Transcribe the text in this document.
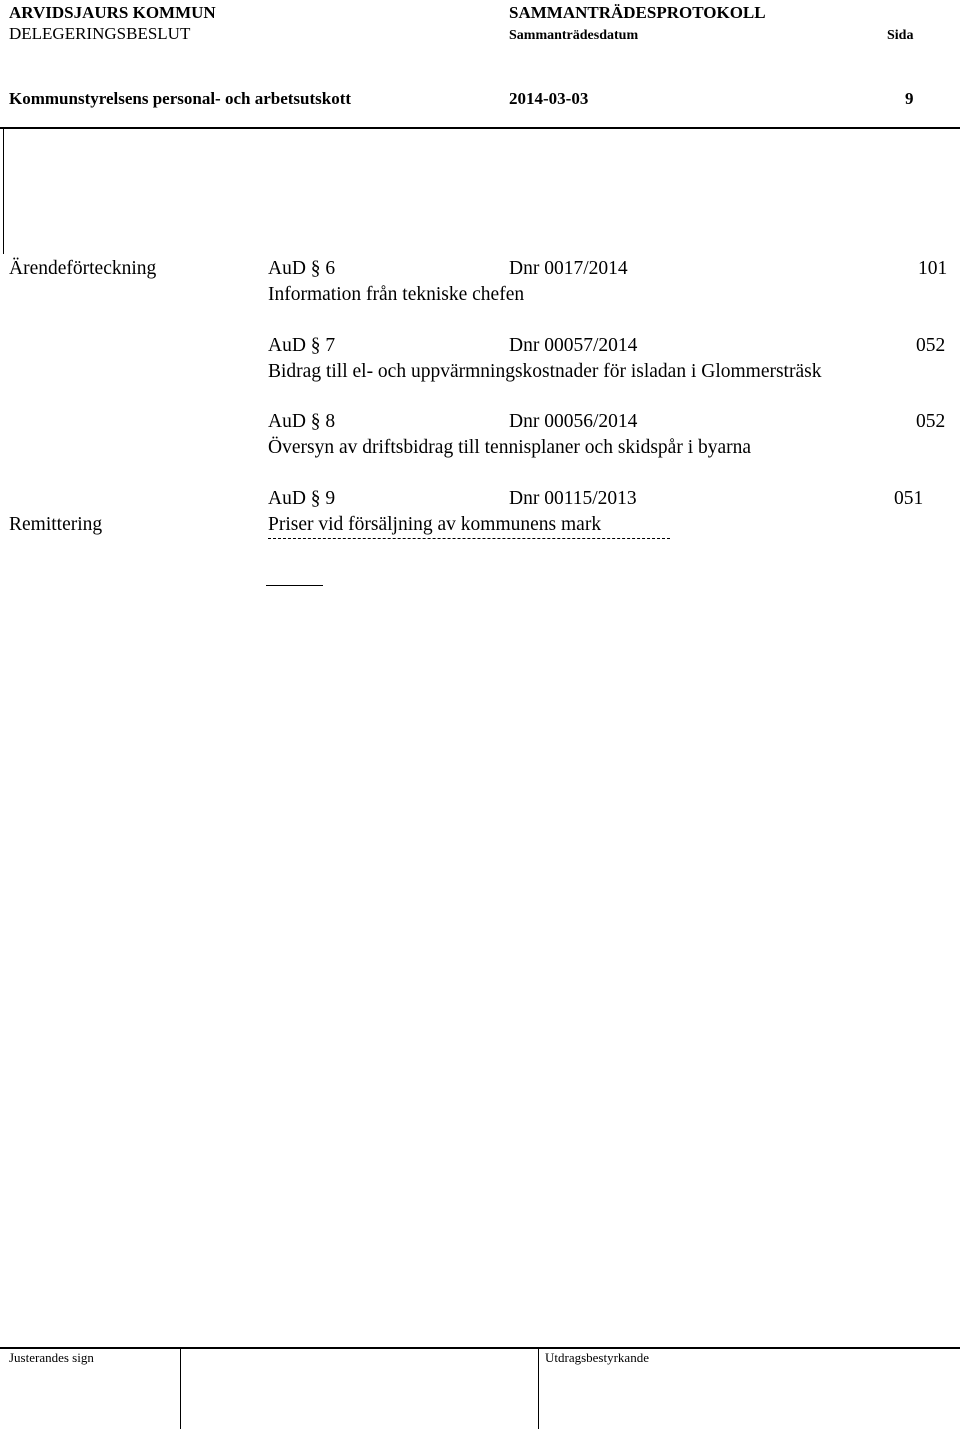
ARVIDSJAURS KOMMUN
DELEGERINGSBESLUT
SAMMANTRÄDESPROTOKOLL
Sammanträdesdatum	Sida
Kommunstyrelsens personal- och arbetsutskott	2014-03-03	9
Ärendeförteckning	AuD § 6	Dnr 0017/2014	101
Information från tekniske chefen
AuD § 7	Dnr 00057/2014	052
Bidrag till el- och uppvärmningskostnader för isladan i Glommersträsk
AuD § 8	Dnr 00056/2014	052
Översyn av driftsbidrag till tennisplaner och skidspår i byarna
AuD § 9	Dnr 00115/2013	051
Remittering	Priser vid försäljning av kommunens mark
Justerandes sign	Utdragsbestyrkande
